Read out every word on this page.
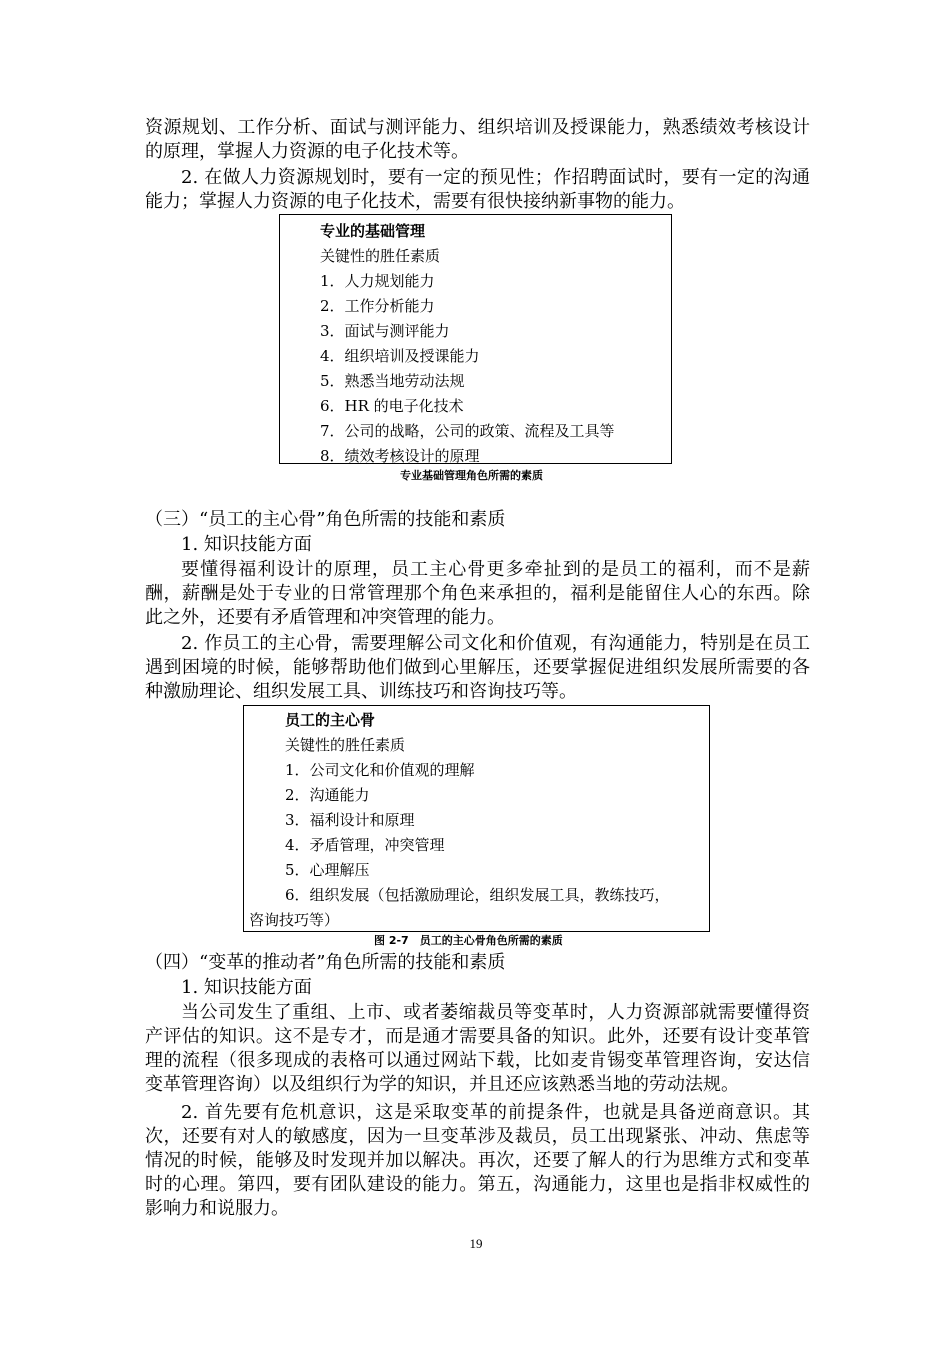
资源规划、工作分析、面试与测评能力、组织培训及授课能力，熟悉绩效考核设计的原理，掌握人力资源的电子化技术等。

2. 在做人力资源规划时，要有一定的预见性；作招聘面试时，要有一定的沟通能力；掌握人力资源的电子化技术，需要有很快接纳新事物的能力。

专业的基础管理
关键性的胜任素质
1．人力规划能力
2．工作分析能力
3．面试与测评能力
4．组织培训及授课能力
5．熟悉当地劳动法规
6．HR 的电子化技术
7．公司的战略，公司的政策、流程及工具等
8．绩效考核设计的原理
专业基础管理角色所需的素质

（三）“员工的主心骨”角色所需的技能和素质

1. 知识技能方面

要懂得福利设计的原理，员工主心骨更多牵扯到的是员工的福利，而不是薪酬，薪酬是处于专业的日常管理那个角色来承担的，福利是能留住人心的东西。除此之外，还要有矛盾管理和冲突管理的能力。

2. 作员工的主心骨，需要理解公司文化和价值观，有沟通能力，特别是在员工遇到困境的时候，能够帮助他们做到心里解压，还要掌握促进组织发展所需要的各种激励理论、组织发展工具、训练技巧和咨询技巧等。

员工的主心骨
关键性的胜任素质
1．公司文化和价值观的理解
2．沟通能力
3．福利设计和原理
4．矛盾管理，冲突管理
5．心理解压
6．组织发展（包括激励理论，组织发展工具，教练技巧，
咨询技巧等）
图 2-7　员工的主心骨角色所需的素质

（四）“变革的推动者”角色所需的技能和素质

1. 知识技能方面

当公司发生了重组、上市、或者萎缩裁员等变革时，人力资源部就需要懂得资产评估的知识。这不是专才，而是通才需要具备的知识。此外，还要有设计变革管理的流程（很多现成的表格可以通过网站下载，比如麦肯锡变革管理咨询，安达信变革管理咨询）以及组织行为学的知识，并且还应该熟悉当地的劳动法规。

2. 首先要有危机意识，这是采取变革的前提条件，也就是具备逆商意识。其次，还要有对人的敏感度，因为一旦变革涉及裁员，员工出现紧张、冲动、焦虑等情况的时候，能够及时发现并加以解决。再次，还要了解人的行为思维方式和变革时的心理。第四，要有团队建设的能力。第五，沟通能力，这里也是指非权威性的影响力和说服力。

19
